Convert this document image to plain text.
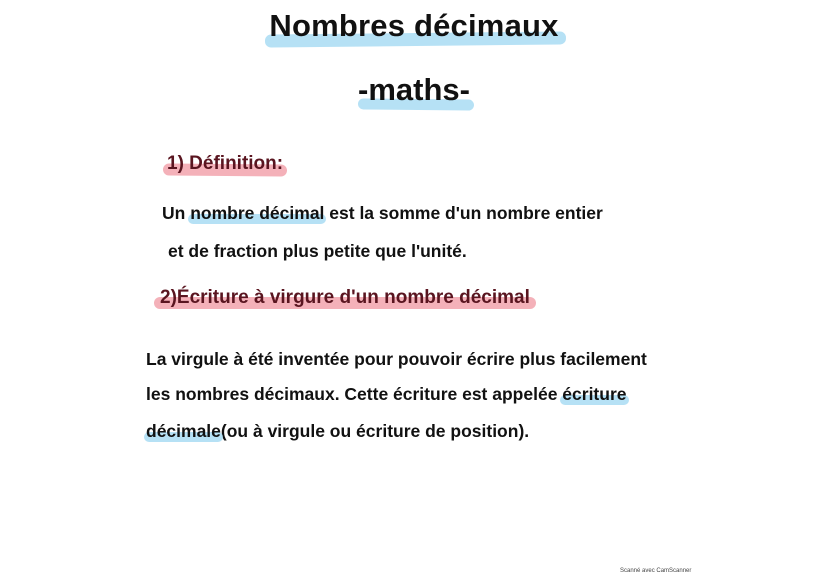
Nombres décimaux
-maths-
1) Définition:
Un nombre décimal est la somme d'un nombre entier
et de fraction plus petite que l'unité.
2)Écriture à virgure d'un nombre décimal
La virgule à été inventée pour pouvoir écrire plus facilement
les nombres décimaux. Cette écriture est appelée écriture
décimale(ou à virgule ou écriture de position).
Scanné avec CamScanner
